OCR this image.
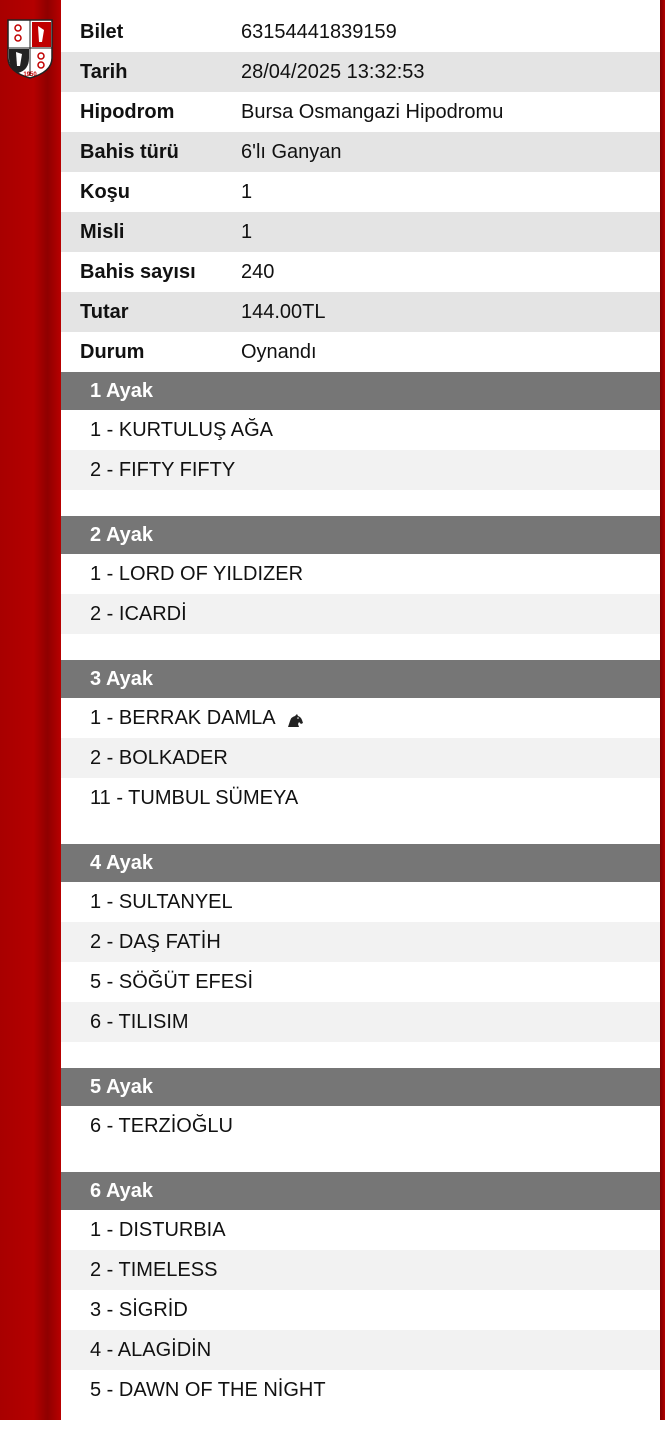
1950
Bilet	63154441839159
Tarih	28/04/2025 13:32:53
Hipodrom	Bursa Osmangazi Hipodromu
Bahis türü	6'lı Ganyan
Koşu	1
Misli	1
Bahis sayısı	240
Tutar	144.00TL
Durum	Oynandı
1 Ayak
1 - KURTULUŞ AĞA
2 - FIFTY FIFTY
2 Ayak
1 - LORD OF YILDIZER
2 - ICARDİ
3 Ayak
1 - BERRAK DAMLA
2 - BOLKADER
11 - TUMBUL SÜMEYA
4 Ayak
1 - SULTANYEL
2 - DAŞ FATİH
5 - SÖĞÜT EFESİ
6 - TILISIM
5 Ayak
6 - TERZİOĞLU
6 Ayak
1 - DISTURBIA
2 - TIMELESS
3 - SİGRİD
4 - ALAGİDİN
5 - DAWN OF THE NİGHT
